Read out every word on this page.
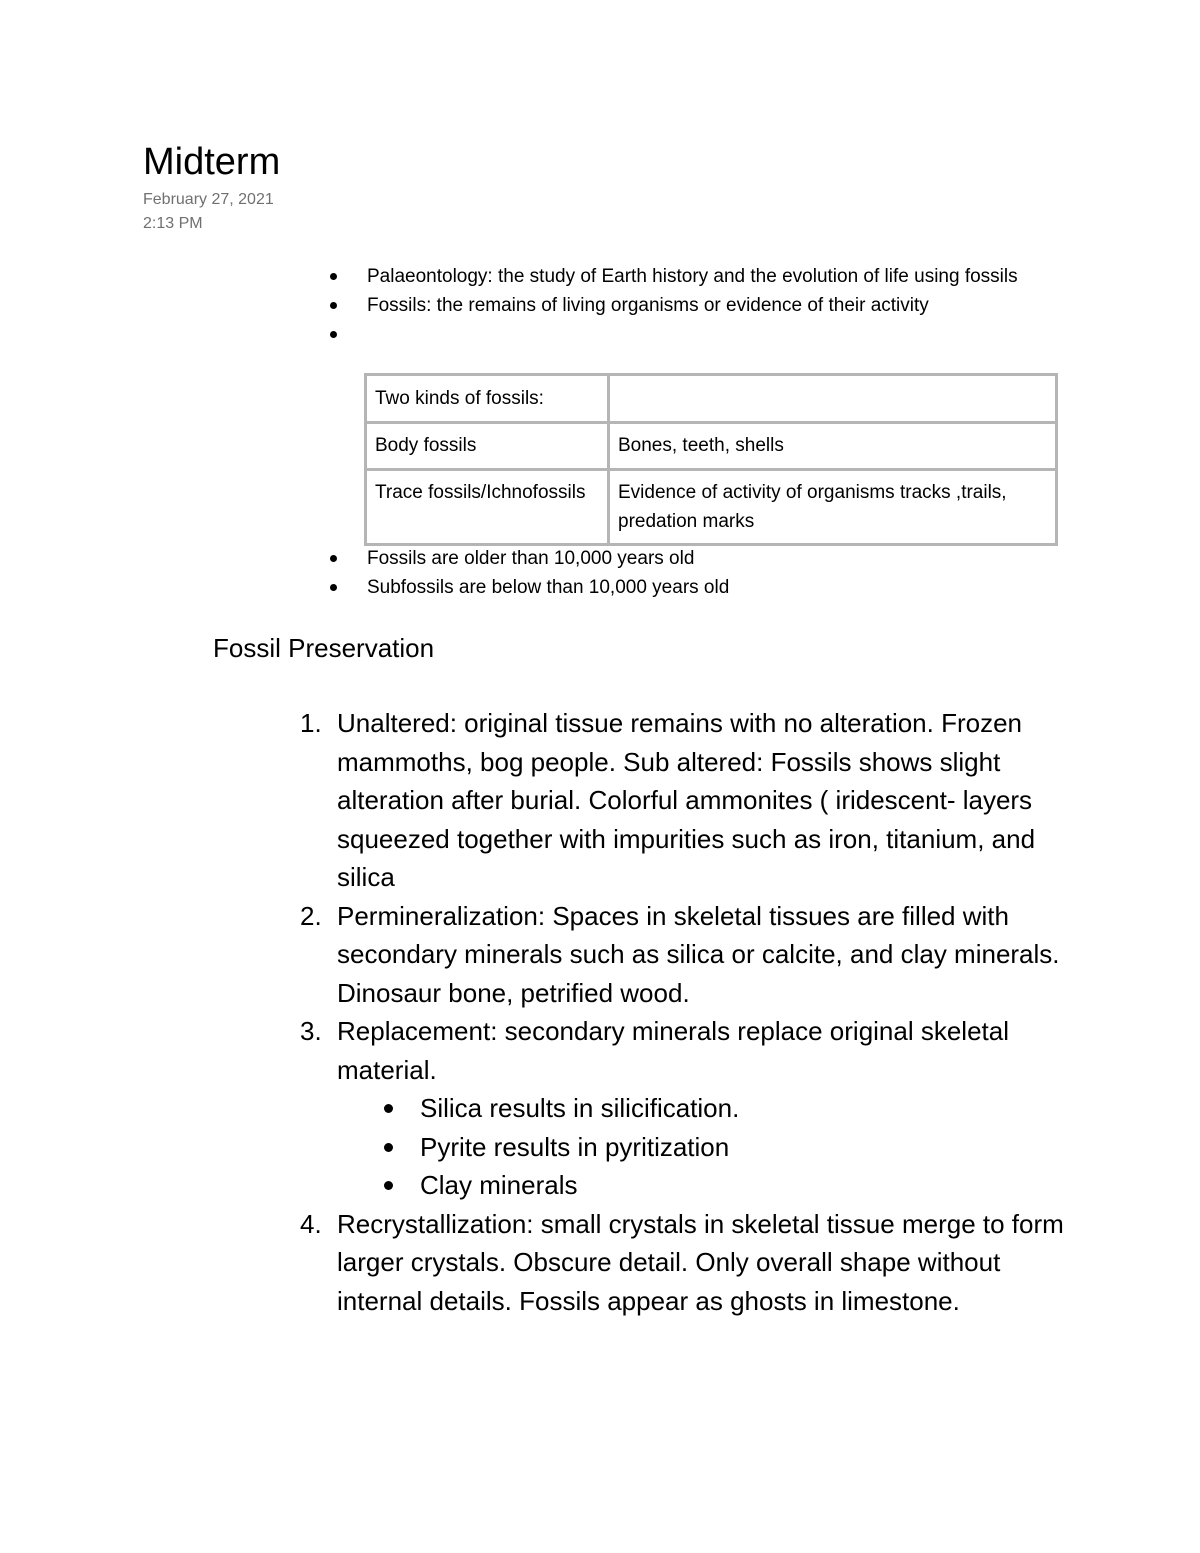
Midterm
February 27, 2021
2:13 PM
Palaeontology: the study of Earth history and the evolution of life using fossils
Fossils: the remains of living organisms or evidence of their activity
Two kinds of fossils:	
Body fossils	Bones, teeth, shells
Trace fossils/Ichnofossils	Evidence of activity of organisms tracks ,trails, predation marks
Fossils are older than 10,000 years old
Subfossils are below than 10,000 years old
Fossil Preservation
1. Unaltered: original tissue remains with no alteration. Frozen mammoths, bog people. Sub altered: Fossils shows slight alteration after burial. Colorful ammonites ( iridescent- layers squeezed together with impurities such as iron, titanium, and silica
2. Permineralization: Spaces in skeletal tissues are filled with secondary minerals such as silica or calcite, and clay minerals. Dinosaur bone, petrified wood.
3. Replacement: secondary minerals replace original skeletal material.
Silica results in silicification.
Pyrite results in pyritization
Clay minerals
4. Recrystallization: small crystals in skeletal tissue merge to form larger crystals. Obscure detail. Only overall shape without internal details. Fossils appear as ghosts in limestone.
